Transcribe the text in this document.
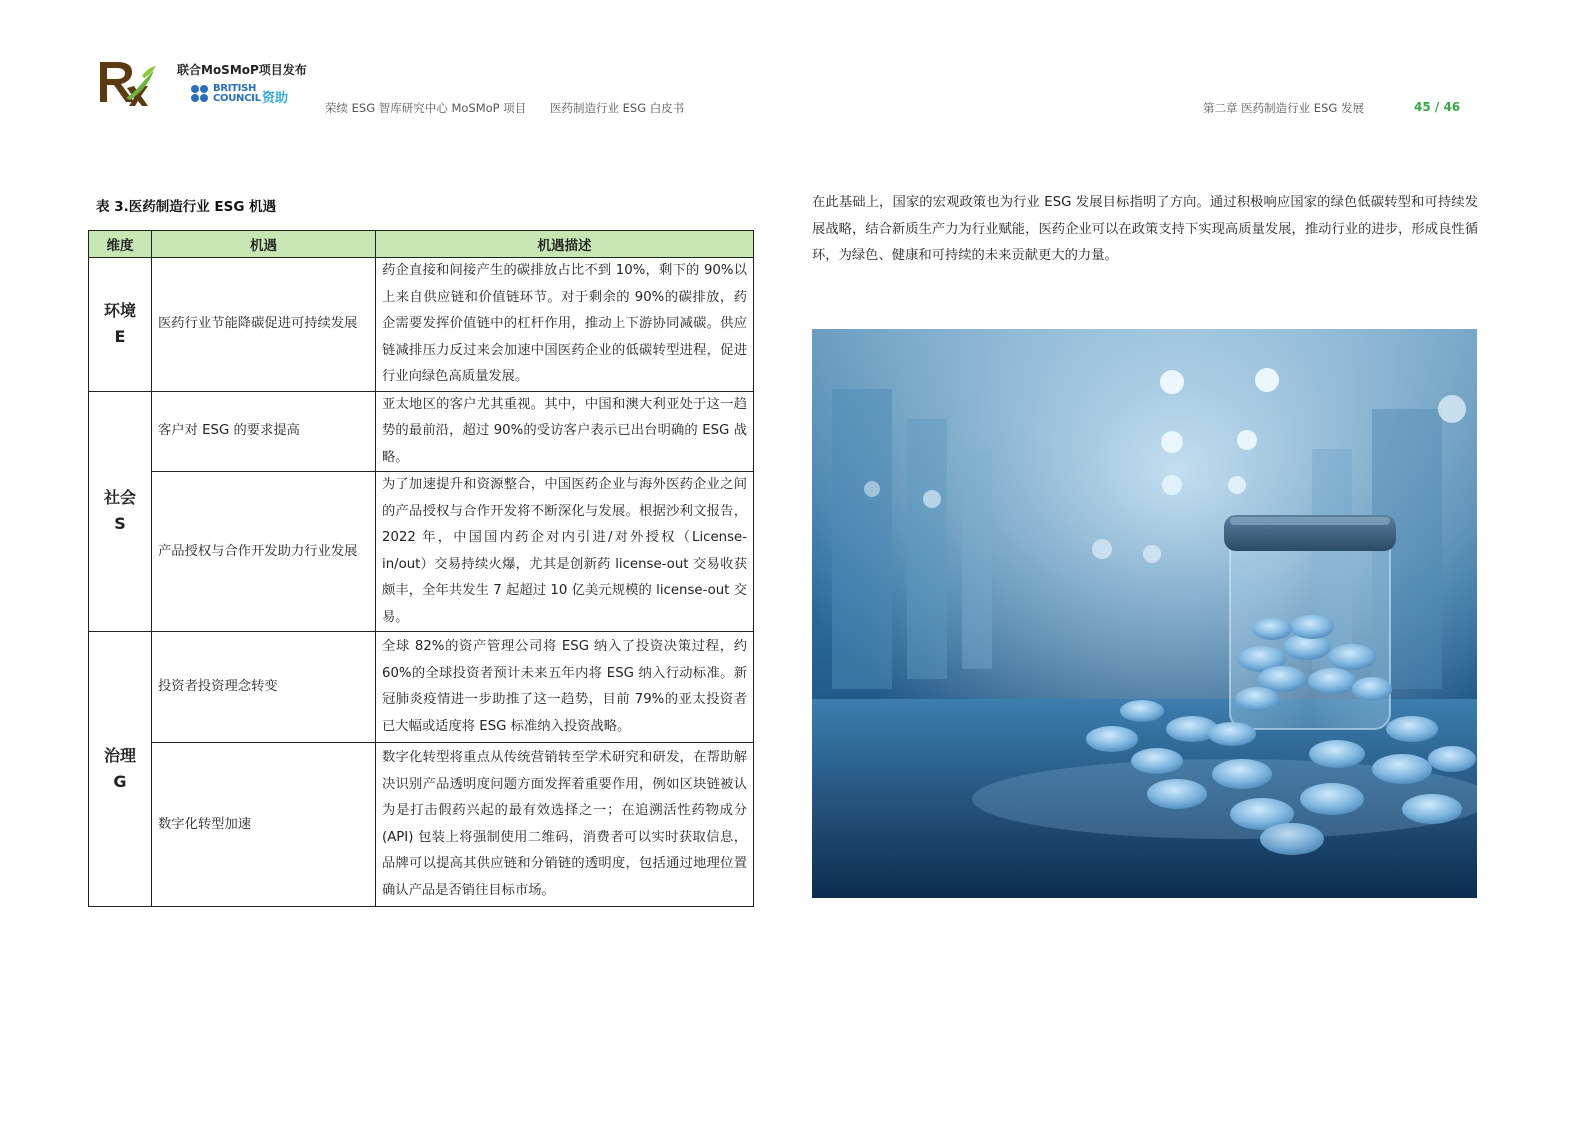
联合MoSMoP项目发布
BRITISH
COUNCIL 资助
荣续 ESG 智库研究中心 MoSMoP 项目 医药制造行业 ESG 白皮书	第二章 医药制造行业 ESG 发展	45 / 46
表 3.医药制造行业 ESG 机遇
维度	机遇	机遇描述

环境
E	医药行业节能降碳促进可持续发展	药企直接和间接产生的碳排放占比不到 10%，剩下的 90%以上来自供应链和价值链环节。对于剩余的 90%的碳排放，药企需要发挥价值链中的杠杆作用，推动上下游协同减碳。供应链减排压力反过来会加速中国医药企业的低碳转型进程，促进行业向绿色高质量发展。

社会
S	客户对 ESG 的要求提高	亚太地区的客户尤其重视。其中，中国和澳大利亚处于这一趋势的最前沿，超过 90%的受访客户表示已出台明确的 ESG 战略。
	产品授权与合作开发助力行业发展	为了加速提升和资源整合，中国医药企业与海外医药企业之间的产品授权与合作开发将不断深化与发展。根据沙利文报告，2022 年，中国国内药企对内引进/对外授权（License-in/out）交易持续火爆，尤其是创新药 license-out 交易收获颇丰，全年共发生 7 起超过 10 亿美元规模的 license-out 交易。

治理
G	投资者投资理念转变	全球 82%的资产管理公司将 ESG 纳入了投资决策过程，约 60%的全球投资者预计未来五年内将 ESG 纳入行动标准。新冠肺炎疫情进一步助推了这一趋势，目前 79%的亚太投资者已大幅或适度将 ESG 标准纳入投资战略。
	数字化转型加速	数字化转型将重点从传统营销转至学术研究和研发，在帮助解决识别产品透明度问题方面发挥着重要作用，例如区块链被认为是打击假药兴起的最有效选择之一；在追溯活性药物成分 (API) 包装上将强制使用二维码，消费者可以实时获取信息，品牌可以提高其供应链和分销链的透明度，包括通过地理位置确认产品是否销往目标市场。
在此基础上，国家的宏观政策也为行业 ESG 发展目标指明了方向。通过积极响应国家的绿色低碳转型和可持续发展战略，结合新质生产力为行业赋能，医药企业可以在政策支持下实现高质量发展，推动行业的进步，形成良性循环，为绿色、健康和可持续的未来贡献更大的力量。
